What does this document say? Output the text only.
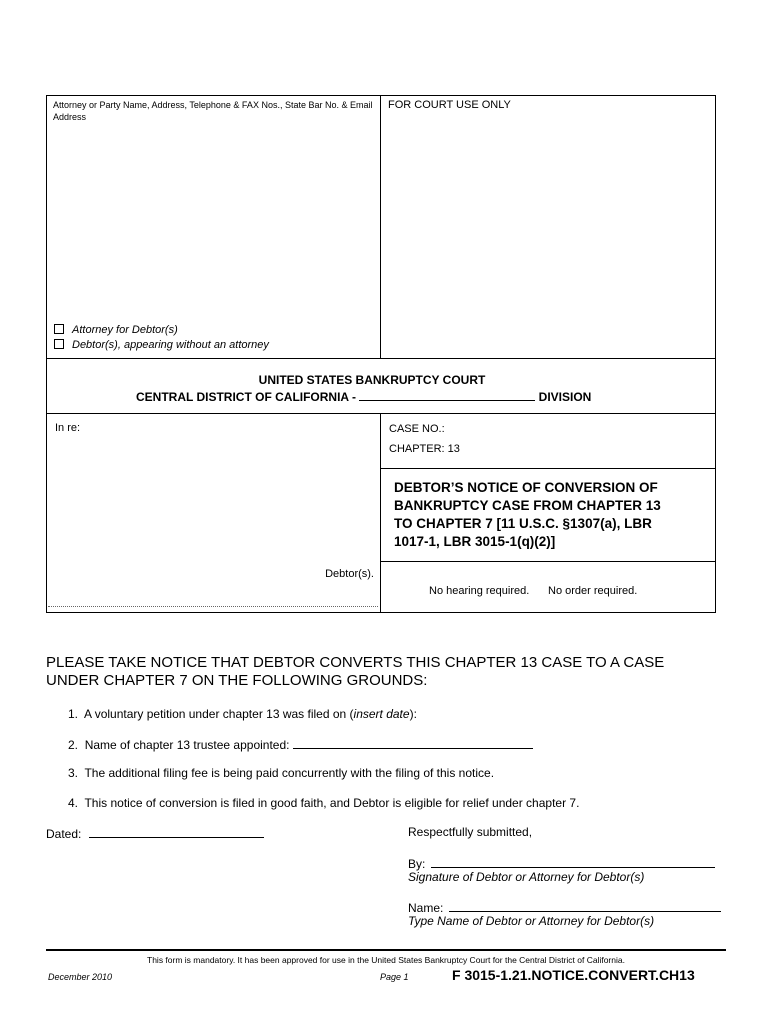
Attorney or Party Name, Address, Telephone & FAX Nos., State Bar No. & Email Address
FOR COURT USE ONLY
Attorney for Debtor(s)
Debtor(s), appearing without an attorney
UNITED STATES BANKRUPTCY COURT
CENTRAL DISTRICT OF CALIFORNIA -	DIVISION
In re:	CASE NO.:
CHAPTER: 13
DEBTOR’S NOTICE OF CONVERSION OF
BANKRUPTCY CASE FROM CHAPTER 13
TO CHAPTER 7 [11 U.S.C. §1307(a), LBR
1017-1, LBR 3015-1(q)(2)]
Debtor(s).
No hearing required. No order required.
PLEASE TAKE NOTICE THAT DEBTOR CONVERTS THIS CHAPTER 13 CASE TO A CASE
UNDER CHAPTER 7 ON THE FOLLOWING GROUNDS:
1. A voluntary petition under chapter 13 was filed on (insert date):
2. Name of chapter 13 trustee appointed:
3. The additional filing fee is being paid concurrently with the filing of this notice.
4. This notice of conversion is filed in good faith, and Debtor is eligible for relief under chapter 7.
Dated:	Respectfully submitted,
By:
Signature of Debtor or Attorney for Debtor(s)
Name:
Type Name of Debtor or Attorney for Debtor(s)
This form is mandatory. It has been approved for use in the United States Bankruptcy Court for the Central District of California.
December 2010	Page 1	F 3015-1.21.NOTICE.CONVERT.CH13
